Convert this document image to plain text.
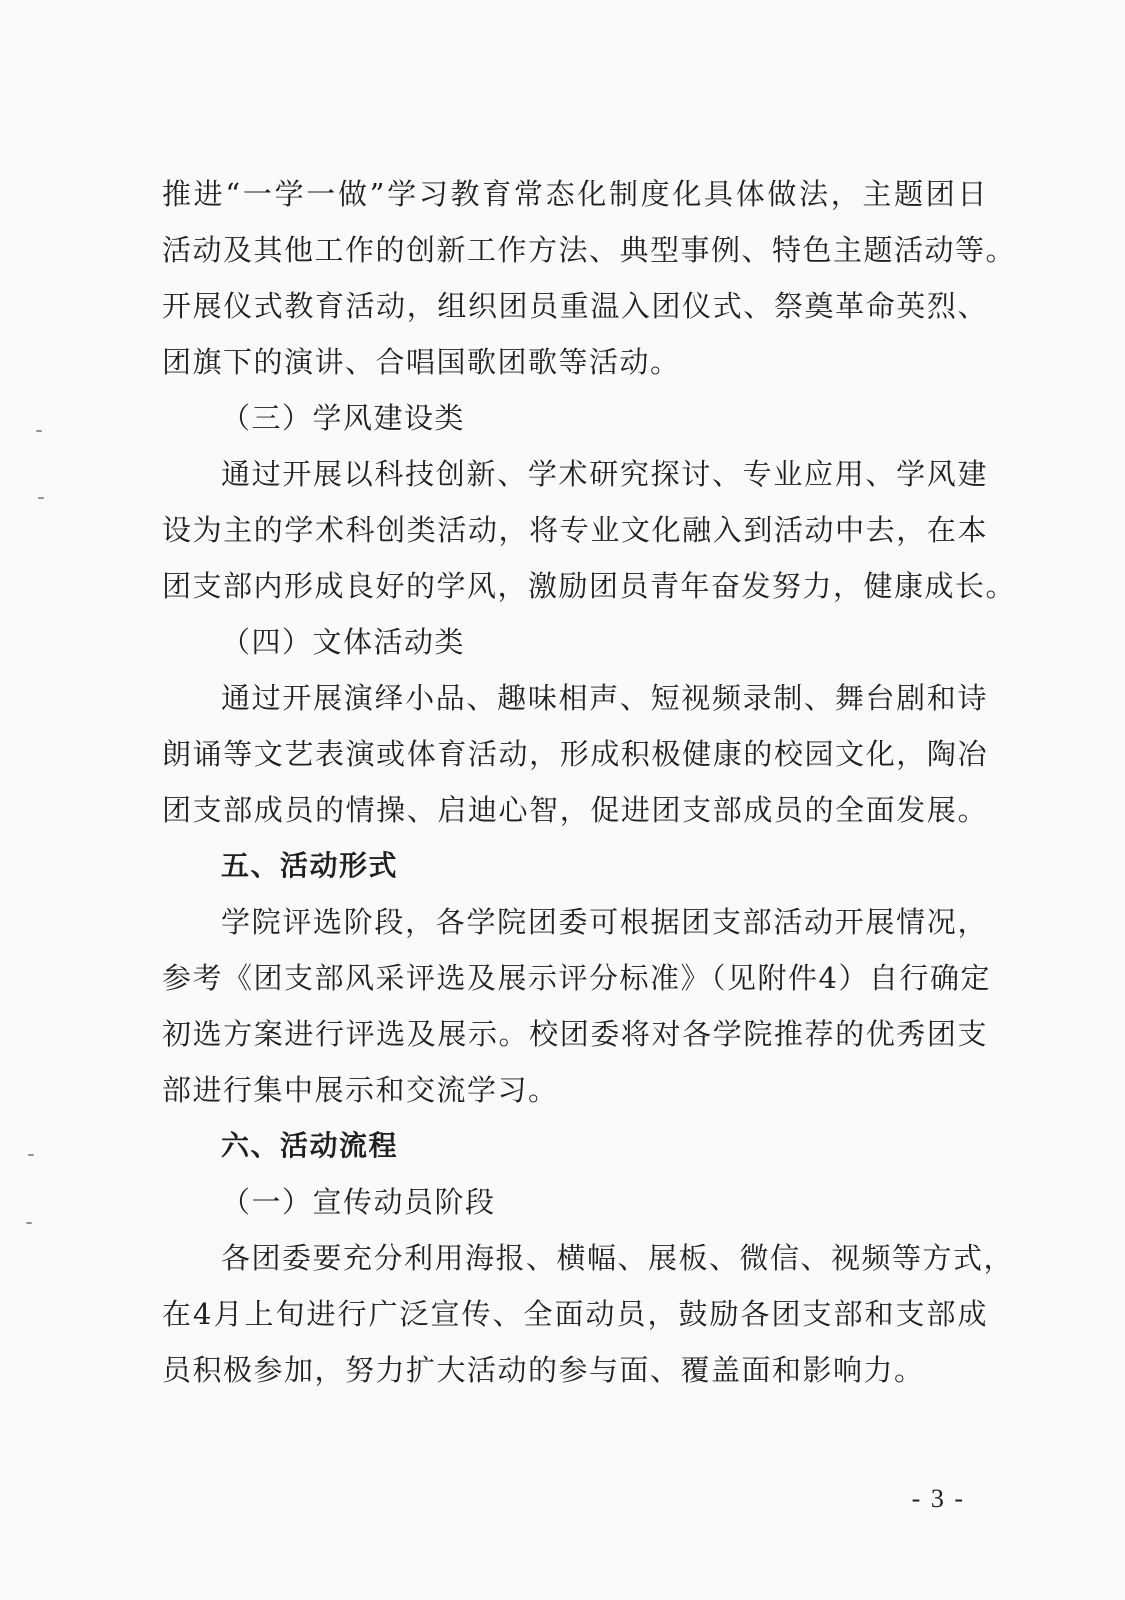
推进“一学一做”学习教育常态化制度化具体做法，主题团日
活动及其他工作的创新工作方法、典型事例、特色主题活动等。
开展仪式教育活动，组织团员重温入团仪式、祭奠革命英烈、
团旗下的演讲、合唱国歌团歌等活动。
（三）学风建设类
通过开展以科技创新、学术研究探讨、专业应用、学风建
设为主的学术科创类活动，将专业文化融入到活动中去，在本
团支部内形成良好的学风，激励团员青年奋发努力，健康成长。
（四）文体活动类
通过开展演绎小品、趣味相声、短视频录制、舞台剧和诗
朗诵等文艺表演或体育活动，形成积极健康的校园文化，陶冶
团支部成员的情操、启迪心智，促进团支部成员的全面发展。
五、活动形式
学院评选阶段，各学院团委可根据团支部活动开展情况，
参考《团支部风采评选及展示评分标准》（见附件4）自行确定
初选方案进行评选及展示。校团委将对各学院推荐的优秀团支
部进行集中展示和交流学习。
六、活动流程
（一）宣传动员阶段
各团委要充分利用海报、横幅、展板、微信、视频等方式，
在4月上旬进行广泛宣传、全面动员，鼓励各团支部和支部成
员积极参加，努力扩大活动的参与面、覆盖面和影响力。
- 3 -
